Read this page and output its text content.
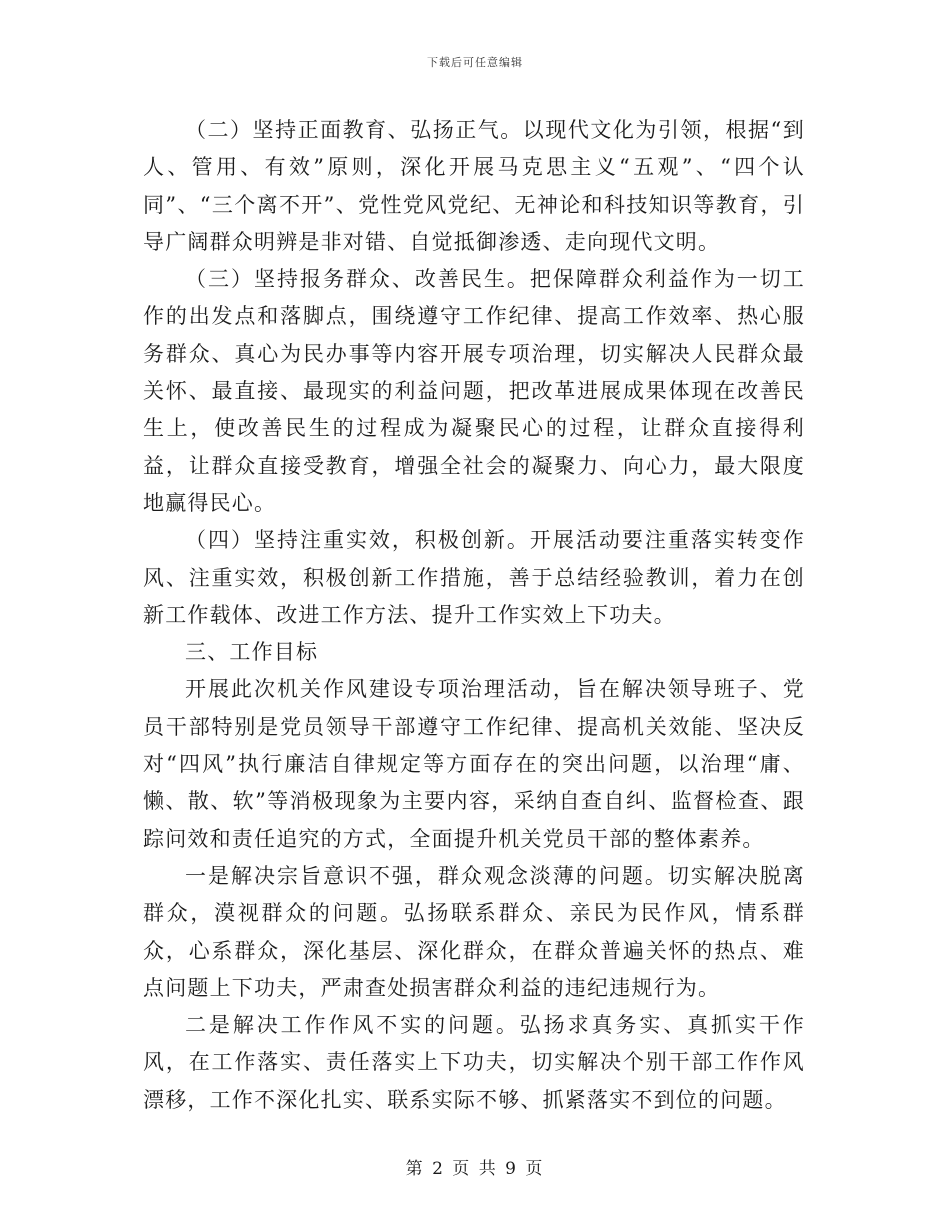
下载后可任意编辑

（二）坚持正面教育、弘扬正气。以现代文化为引领，根据“到人、管用、有效”原则，深化开展马克思主义“五观”、“四个认同”、“三个离不开”、党性党风党纪、无神论和科技知识等教育，引导广阔群众明辨是非对错、自觉抵御渗透、走向现代文明。

（三）坚持报务群众、改善民生。把保障群众利益作为一切工作的出发点和落脚点，围绕遵守工作纪律、提高工作效率、热心服务群众、真心为民办事等内容开展专项治理，切实解决人民群众最关怀、最直接、最现实的利益问题，把改革进展成果体现在改善民生上，使改善民生的过程成为凝聚民心的过程，让群众直接得利益，让群众直接受教育，增强全社会的凝聚力、向心力，最大限度地赢得民心。

（四）坚持注重实效，积极创新。开展活动要注重落实转变作风、注重实效，积极创新工作措施，善于总结经验教训，着力在创新工作载体、改进工作方法、提升工作实效上下功夫。

三、工作目标

开展此次机关作风建设专项治理活动，旨在解决领导班子、党员干部特别是党员领导干部遵守工作纪律、提高机关效能、坚决反对“四风”执行廉洁自律规定等方面存在的突出问题，以治理“庸、懒、散、软”等消极现象为主要内容，采纳自查自纠、监督检查、跟踪问效和责任追究的方式，全面提升机关党员干部的整体素养。

一是解决宗旨意识不强，群众观念淡薄的问题。切实解决脱离群众，漠视群众的问题。弘扬联系群众、亲民为民作风，情系群众，心系群众，深化基层、深化群众，在群众普遍关怀的热点、难点问题上下功夫，严肃查处损害群众利益的违纪违规行为。

二是解决工作作风不实的问题。弘扬求真务实、真抓实干作风，在工作落实、责任落实上下功夫，切实解决个别干部工作作风漂移，工作不深化扎实、联系实际不够、抓紧落实不到位的问题。

第 2 页 共 9 页
